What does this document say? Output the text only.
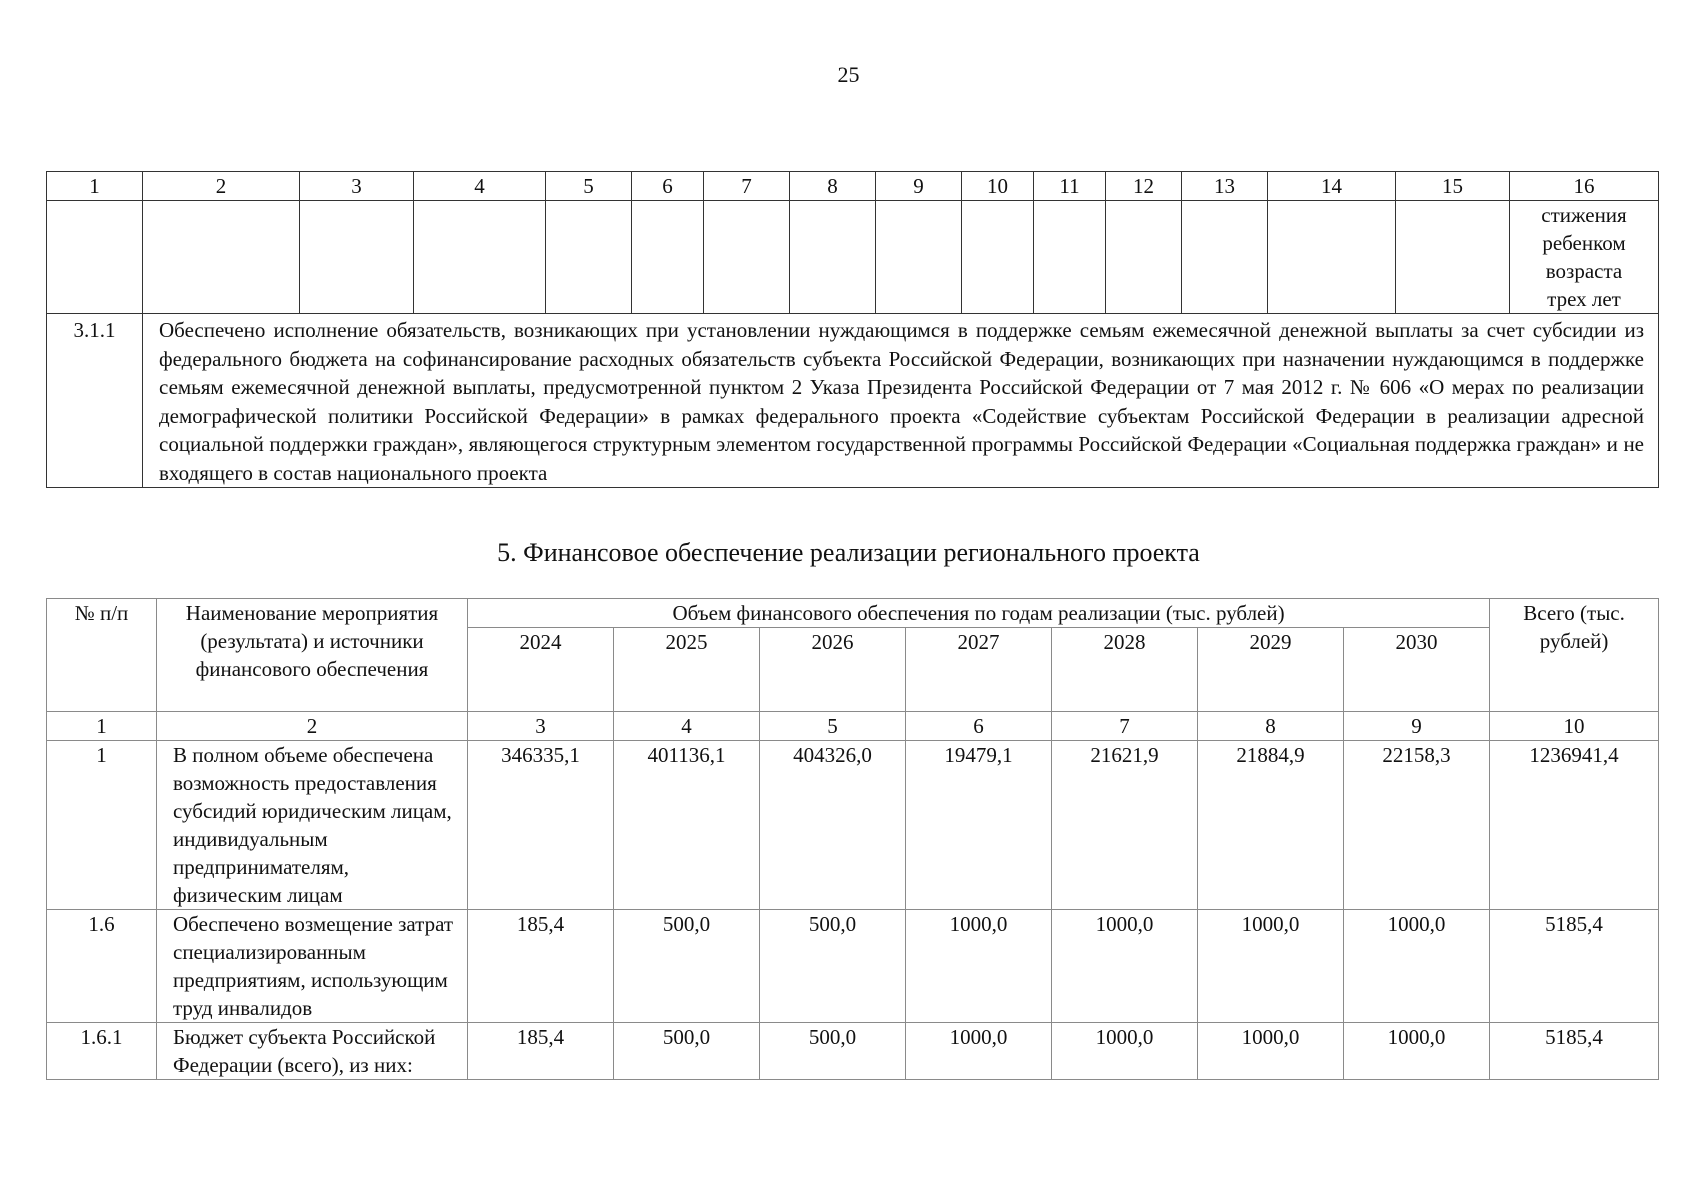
25
1	2	3	4	5	6	7	8	9	10	11	12	13	14	15	16

															стижения
ребенком
возраста
трех лет

3.1.1	Обеспечено исполнение обязательств, возникающих при установлении нуждающимся в поддержке семьям ежемесячной денежной выплаты за счет субсидии из федерального бюджета на софинансирование расходных обязательств субъекта Российской Федерации, возникающих при назначении нуждающимся в поддержке семьям ежемесячной денежной выплаты, предусмотренной пунктом 2 Указа Президента Российской Федерации от 7 мая 2012 г. № 606 «О мерах по реализации демографической политики Российской Федерации» в рамках федерального проекта «Содействие субъектам Российской Федерации в реализации адресной социальной поддержки граждан», являющегося структурным элементом государственной программы Российской Федерации «Социальная поддержка граждан» и не входящего в состав национального проекта														
5. Финансовое обеспечение реализации регионального проекта
№ п/п	Наименование мероприятия (результата) и источники финансового обеспечения	Объем финансового обеспечения по годам реализации (тыс. рублей)							Всего (тыс. рублей)
		2024	2025	2026	2027	2028	2029	2030	
1	2	3	4	5	6	7	8	9	10
1	В полном объеме обеспечена возможность предоставления субсидий юридическим лицам, индивидуальным предпринимателям, физическим лицам	346335,1	401136,1	404326,0	19479,1	21621,9	21884,9	22158,3	1236941,4
1.6	Обеспечено возмещение затрат специализированным предприятиям, использующим труд инвалидов	185,4	500,0	500,0	1000,0	1000,0	1000,0	1000,0	5185,4
1.6.1	Бюджет субъекта Российской Федерации (всего), из них:	185,4	500,0	500,0	1000,0	1000,0	1000,0	1000,0	5185,4
